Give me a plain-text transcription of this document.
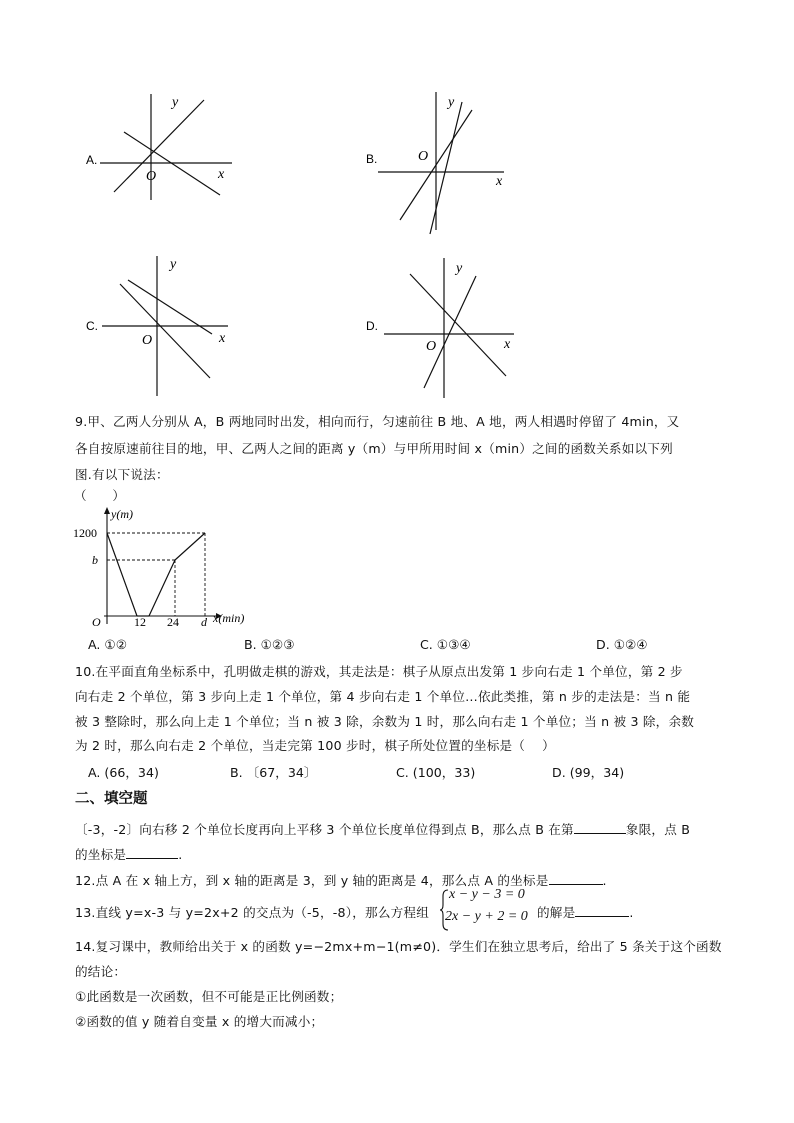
A.
y
x
O
B.
y
x
O
C.
y
x
O
D.
y
x
O
9.甲、乙两人分别从 A，B 两地同时出发，相向而行，匀速前往 B 地、A 地，两人相遇时停留了 4min，又
各自按原速前往目的地，甲、乙两人之间的距离 y（m）与甲所用时间 x（min）之间的函数关系如以下列
图.有以下说法：
（　　）
y(m)
x(min)
1200
b
12 24 d
O
A. ①②	B. ①②③	C. ①③④	D. ①②④
10.在平面直角坐标系中，孔明做走棋的游戏，其走法是：棋子从原点出发第 1 步向右走 1 个单位，第 2 步
向右走 2 个单位，第 3 步向上走 1 个单位，第 4 步向右走 1 个单位…依此类推，第 n 步的走法是：当 n 能
被 3 整除时，那么向上走 1 个单位；当 n 被 3 除，余数为 1 时，那么向右走 1 个单位；当 n 被 3 除，余数
为 2 时，那么向右走 2 个单位，当走完第 100 步时，棋子所处位置的坐标是（　 ）
A. (66，34)	B. 〔67，34〕	C. (100，33)	D. (99，34)
二、填空题
〔-3，-2〕向右移 2 个单位长度再向上平移 3 个单位长度单位得到点 B，那么点 B 在第	象限，点 B
的坐标是	.
12.点 A 在 x 轴上方，到 x 轴的距离是 3，到 y 轴的距离是 4，那么点 A 的坐标是	.
13.直线 y=x-3 与 y=2x+2 的交点为（-5，-8），那么方程组
x − y − 3 = 0
2x − y + 2 = 0 的解是	.
14.复习课中，教师给出关于 x 的函数 y=−2mx+m−1(m≠0)．学生们在独立思考后，给出了 5 条关于这个函数
的结论：
①此函数是一次函数，但不可能是正比例函数；
②函数的值 y 随着自变量 x 的增大而减小；
